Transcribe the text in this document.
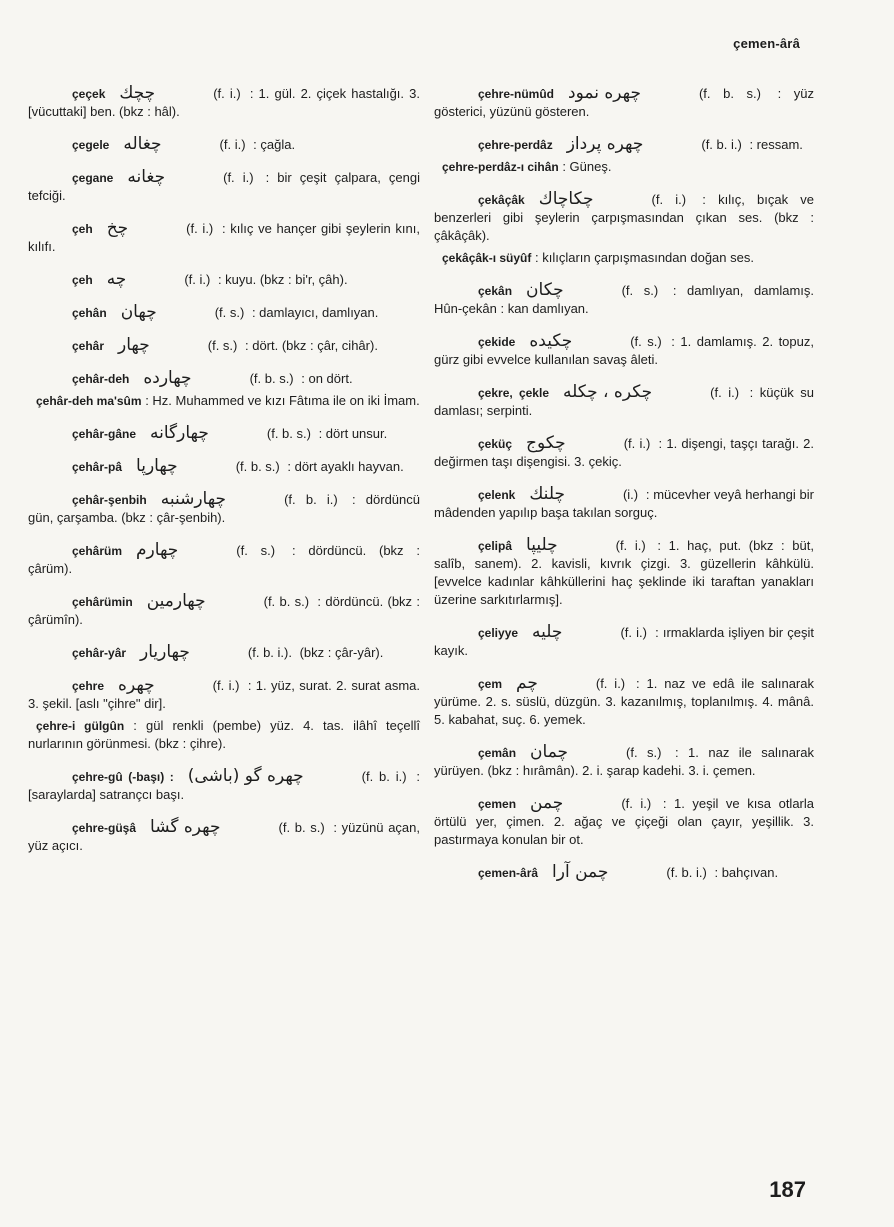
çemen-ârâ

çeçek چچك	(f. i.) : 1. gül. 2. çiçek hastalığı. 3. [vücuttaki] ben. (bkz : hâl).

çegele چغاله	(f. i.) : çağla.

çegane چغانه	(f. i.) : bir çeşit çalpara, çengi tefciği.

çeh چخ	(f. i.) : kılıç ve hançer gibi şeylerin kını, kılıfı.

çeh چه	(f. i.) : kuyu. (bkz : bi'r, çâh).

çehân چهان	(f. s.) : damlayıcı, damlıyan.

çehâr چهار	(f. s.) : dört. (bkz : çâr, cihâr).

çehâr-deh چهارده	(f. b. s.) : on dört.

çehâr-deh ma'sûm : Hz. Muhammed ve kızı Fâtıma ile on iki İmam.

çehâr-gâne چهارگانه	(f. b. s.) : dört unsur.

çehâr-pâ چهارپا	(f. b. s.) : dört ayaklı hayvan.

çehâr-şenbih چهارشنبه	(f. b. i.) : dördüncü gün, çarşamba. (bkz : çâr-şenbih).

çehârüm چهارم	(f. s.) : dördüncü. (bkz : çârüm).

çehârümin چهارمين	(f. b. s.) : dördüncü. (bkz : çârümîn).

çehâr-yâr چهاريار	(f. b. i.). (bkz : çâr-yâr).

çehre چهره	(f. i.) : 1. yüz, surat. 2. surat asma. 3. şekil. [aslı "çihre" dir].

çehre-i gülgûn : gül renkli (pembe) yüz. 4. tas. ilâhî teçellî nurlarının görünmesi. (bkz : çihre).

çehre-gû (-başı) : چهره گو (باشى)	(f. b. i.) : [saraylarda] satrançcı başı.

çehre-güşâ چهره گشا	(f. b. s.) : yüzünü açan, yüz açıcı.

çehre-nümûd چهره نمود	(f. b. s.) : yüz gösterici, yüzünü gösteren.

çehre-perdâz چهره پرداز	(f. b. i.) : ressam.

çehre-perdâz-ı cihân : Güneş.

çekâçâk چكاچاك	(f. i.) : kılıç, bıçak ve benzerleri gibi şeylerin çarpışmasından çıkan ses. (bkz : çâkâçâk).

çekâçâk-ı süyûf : kılıçların çarpışmasından doğan ses.

çekân چكان	(f. s.) : damlıyan, damlamış. Hûn-çekân : kan damlıyan.

çekide چكيده	(f. s.) : 1. damlamış. 2. topuz, gürz gibi evvelce kullanılan savaş âleti.

çekre, çekle چكره ، چكله	(f. i.) : küçük su damlası; serpinti.

çeküç چكوج	(f. i.) : 1. dişengi, taşçı tarağı. 2. değirmen taşı dişengisi. 3. çekiç.

çelenk چلنك	(i.) : mücevher veyâ herhangi bir mâdenden yapılıp başa takılan sorguç.

çelipâ چليپا	(f. i.) : 1. haç, put. (bkz : büt, salîb, sanem). 2. kavisli, kıvrık çizgi. 3. güzellerin kâhkülü. [evvelce kadınlar kâhküllerini haç şeklinde iki taraftan yanakları üzerine sarkıtırlarmış].

çeliyye چليه	(f. i.) : ırmaklarda işliyen bir çeşit kayık.

çem چم	(f. i.) : 1. naz ve edâ ile salınarak yürüme. 2. s. süslü, düzgün. 3. kazanılmış, toplanılmış. 4. mânâ. 5. kabahat, suç. 6. yemek.

çemân چمان	(f. s.) : 1. naz ile salınarak yürüyen. (bkz : hırâmân). 2. i. şarap kadehi. 3. i. çemen.

çemen چمن	(f. i.) : 1. yeşil ve kısa otlarla örtülü yer, çimen. 2. ağaç ve çiçeği olan çayır, yeşillik. 3. pastırmaya konulan bir ot.

çemen-ârâ چمن آرا	(f. b. i.) : bahçıvan.

187
